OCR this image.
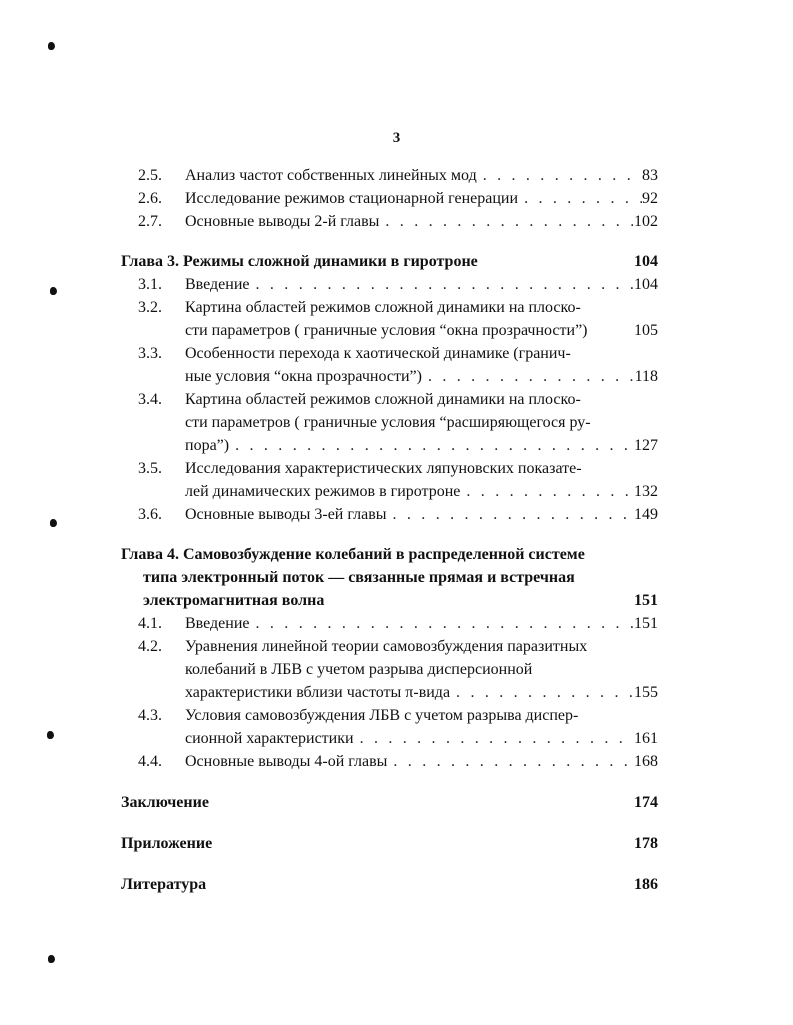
3
2.5.	Анализ частот собственных линейных мод . . .	83
2.6.	Исследование режимов стационарной генерации . . .	92
2.7.	Основные выводы 2-й главы . . .	102
Глава 3. Режимы сложной динамики в гиротроне	104
3.1.	Введение . . .	104
3.2.	Картина областей режимов сложной динамики на плоско-
сти параметров ( граничные условия “окна прозрачности”)	105
3.3.	Особенности перехода к хаотической динамике (гранич-
ные условия “окна прозрачности”) . . .	118
3.4.	Картина областей режимов сложной динамики на плоско-
сти параметров ( граничные условия “расширяющегося ру-
пора”) . . .	127
3.5.	Исследования характеристических ляпуновских показате-
лей динамических режимов в гиротроне . . .	132
3.6.	Основные выводы 3-ей главы . . .	149
Глава 4. Самовозбуждение колебаний в распределенной системе
типа электронный поток — связанные прямая и встречная
электромагнитная волна	151
4.1.	Введение . . .	151
4.2.	Уравнения линейной теории самовозбуждения паразитных
колебаний в ЛБВ с учетом разрыва дисперсионной
характеристики вблизи частоты π-вида . . .	155
4.3.	Условия самовозбуждения ЛБВ с учетом разрыва диспер-
сионной характеристики . . .	161
4.4.	Основные выводы 4-ой главы . . .	168
Заключение	174
Приложение	178
Литература	186
